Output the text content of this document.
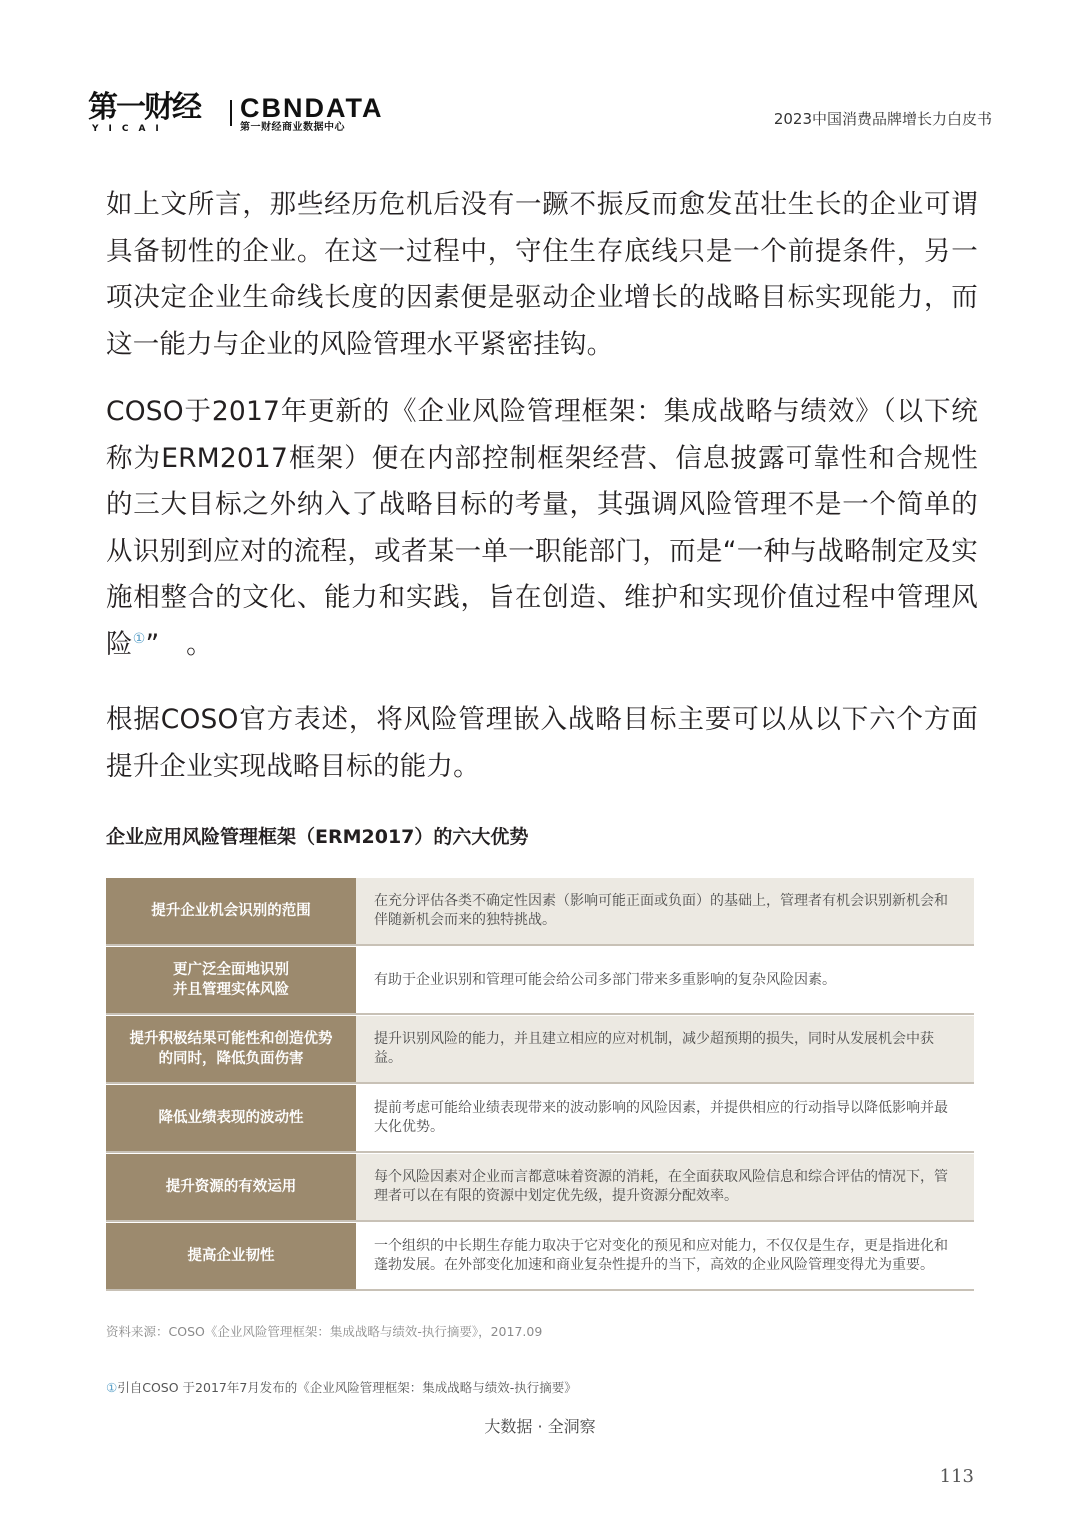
第一财经
YICAI
CBNDATA
第一财经商业数据中心	2023中国消费品牌增长力白皮书

如上文所言，那些经历危机后没有一蹶不振反而愈发茁壮生长的企业可谓具备韧性的企业。在这一过程中，守住生存底线只是一个前提条件，另一项决定企业生命线长度的因素便是驱动企业增长的战略目标实现能力，而这一能力与企业的风险管理水平紧密挂钩。

COSO于2017年更新的《企业风险管理框架：集成战略与绩效》（以下统称为ERM2017框架）便在内部控制框架经营、信息披露可靠性和合规性的三大目标之外纳入了战略目标的考量，其强调风险管理不是一个简单的从识别到应对的流程，或者某一单一职能部门，而是“一种与战略制定及实施相整合的文化、能力和实践，旨在创造、维护和实现价值过程中管理风险①”　。

根据COSO官方表述，将风险管理嵌入战略目标主要可以从以下六个方面提升企业实现战略目标的能力。

企业应用风险管理框架（ERM2017）的六大优势
提升企业机会识别的范围
在充分评估各类不确定性因素（影响可能正面或负面）的基础上，管理者有机会识别新机会和伴随新机会而来的独特挑战。
更广泛全面地识别
并且管理实体风险
有助于企业识别和管理可能会给公司多部门带来多重影响的复杂风险因素。
提升积极结果可能性和创造优势
的同时，降低负面伤害
提升识别风险的能力，并且建立相应的应对机制，减少超预期的损失，同时从发展机会中获益。
降低业绩表现的波动性
提前考虑可能给业绩表现带来的波动影响的风险因素，并提供相应的行动指导以降低影响并最大化优势。
提升资源的有效运用
每个风险因素对企业而言都意味着资源的消耗，在全面获取风险信息和综合评估的情况下，管理者可以在有限的资源中划定优先级，提升资源分配效率。
提高企业韧性
一个组织的中长期生存能力取决于它对变化的预见和应对能力，不仅仅是生存，更是指进化和蓬勃发展。在外部变化加速和商业复杂性提升的当下，高效的企业风险管理变得尤为重要。
资料来源：COSO《企业风险管理框架：集成战略与绩效-执行摘要》，2017.09
①引自COSO 于2017年7月发布的《企业风险管理框架：集成战略与绩效-执行摘要》
大数据 · 全洞察
113
